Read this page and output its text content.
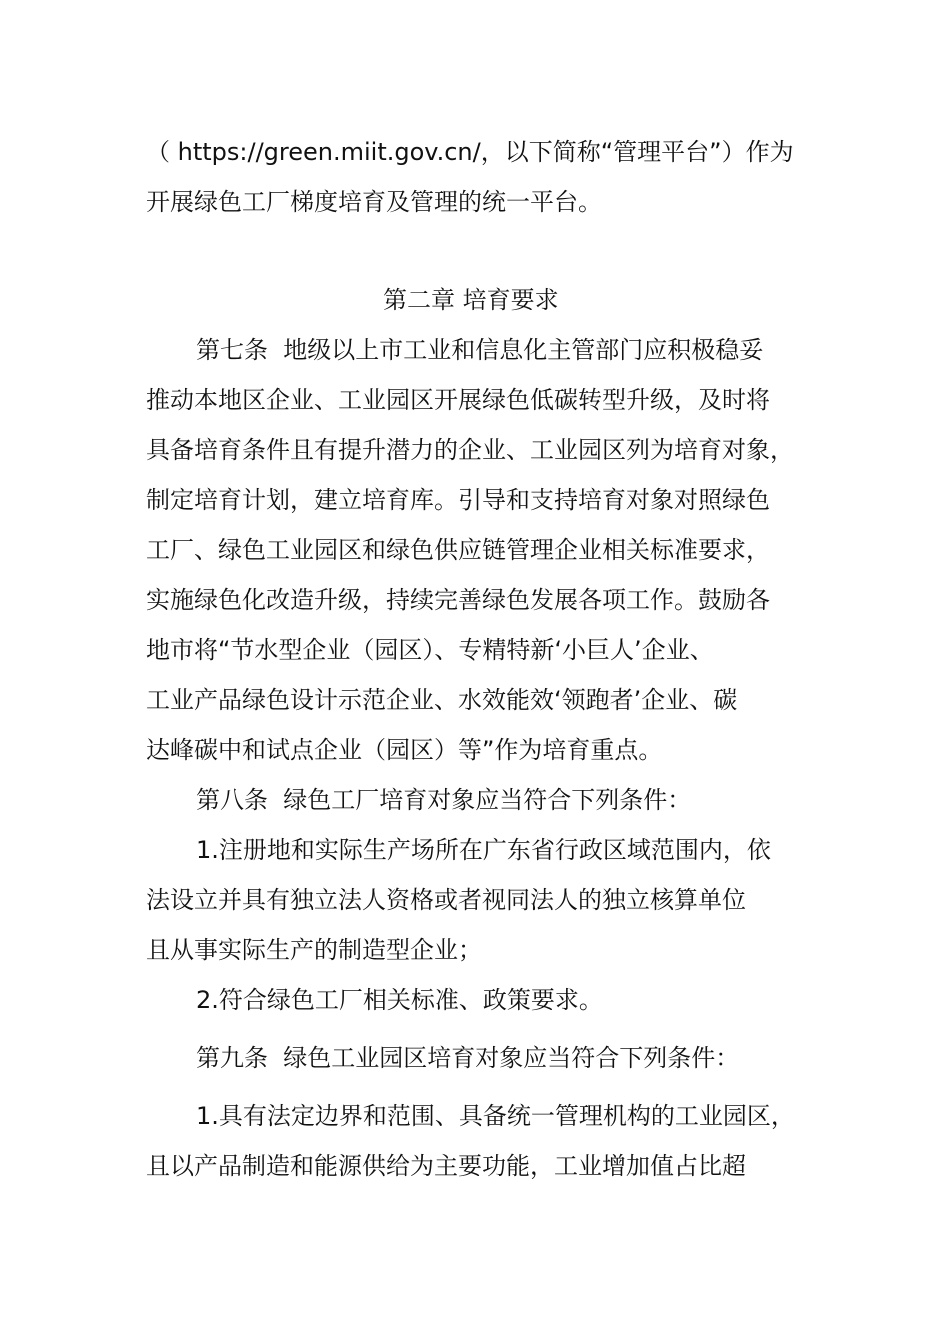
（ https://green.miit.gov.cn/，以下简称“管理平台”）作为
开展绿色工厂梯度培育及管理的统一平台。
第二章 培育要求
第七条  地级以上市工业和信息化主管部门应积极稳妥
推动本地区企业、工业园区开展绿色低碳转型升级，及时将
具备培育条件且有提升潜力的企业、工业园区列为培育对象，
制定培育计划，建立培育库。引导和支持培育对象对照绿色
工厂、绿色工业园区和绿色供应链管理企业相关标准要求，
实施绿色化改造升级，持续完善绿色发展各项工作。鼓励各
地市将“节水型企业（园区）、专精特新‘小巨人’企业、
工业产品绿色设计示范企业、水效能效‘领跑者’企业、碳
达峰碳中和试点企业（园区）等”作为培育重点。
第八条  绿色工厂培育对象应当符合下列条件：
1.注册地和实际生产场所在广东省行政区域范围内，依
法设立并具有独立法人资格或者视同法人的独立核算单位
且从事实际生产的制造型企业；
2.符合绿色工厂相关标准、政策要求。
第九条  绿色工业园区培育对象应当符合下列条件：
1.具有法定边界和范围、具备统一管理机构的工业园区，
且以产品制造和能源供给为主要功能，工业增加值占比超
